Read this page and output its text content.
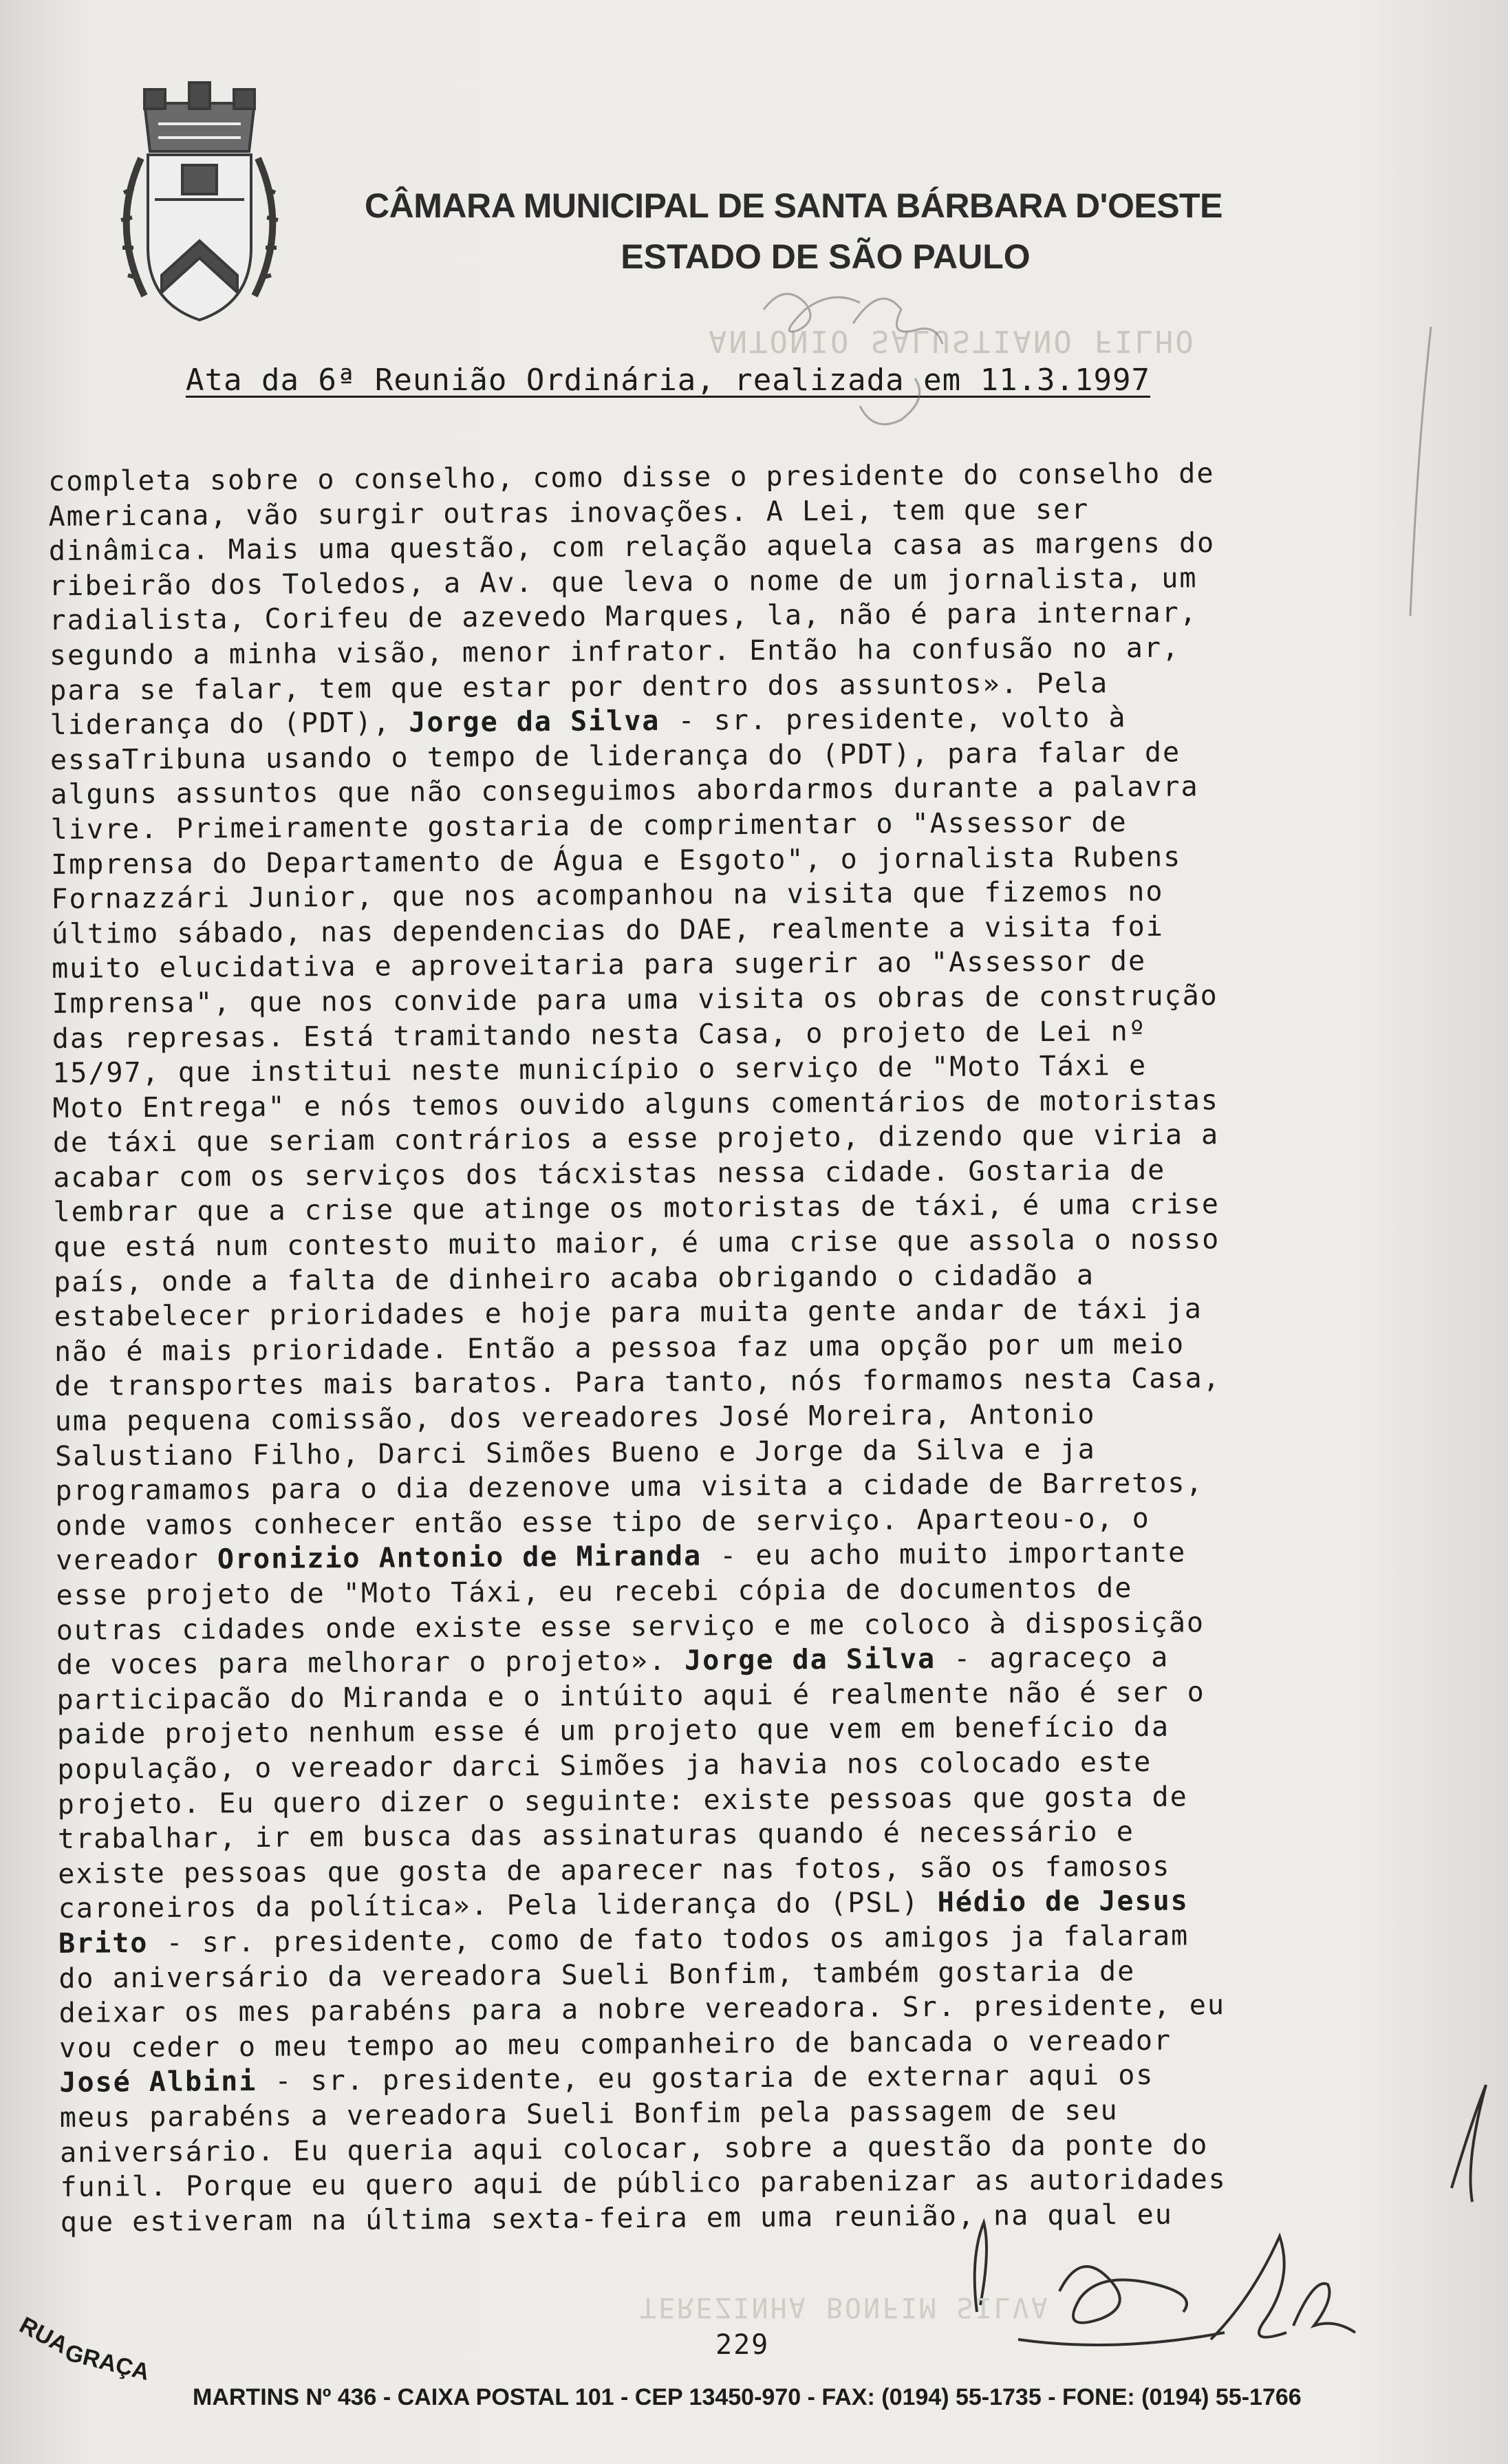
CÂMARA MUNICIPAL DE SANTA BÁRBARA D'OESTE
ESTADO DE SÃO PAULO
ANTONIO SALUSTIANO FILHO
Ata da 6ª Reunião Ordinária, realizada em 11.3.1997
completa sobre o conselho, como disse o presidente do conselho de
Americana, vão surgir outras inovações. A Lei, tem que ser
dinâmica. Mais uma questão, com relação aquela casa as margens do
ribeirão dos Toledos, a Av. que leva o nome de um jornalista, um
radialista, Corifeu de azevedo Marques, la, não é para internar,
segundo a minha visão, menor infrator. Então ha confusão no ar,
para se falar, tem que estar por dentro dos assuntos». Pela
liderança do (PDT), Jorge da Silva - sr. presidente, volto à
essaTribuna usando o tempo de liderança do (PDT), para falar de
alguns assuntos que não conseguimos abordarmos durante a palavra
livre. Primeiramente gostaria de comprimentar o "Assessor de
Imprensa do Departamento de Água e Esgoto", o jornalista Rubens
Fornazzári Junior, que nos acompanhou na visita que fizemos no
último sábado, nas dependencias do DAE, realmente a visita foi
muito elucidativa e aproveitaria para sugerir ao "Assessor de
Imprensa", que nos convide para uma visita os obras de construção
das represas. Está tramitando nesta Casa, o projeto de Lei nº
15/97, que institui neste município o serviço de "Moto Táxi e
Moto Entrega" e nós temos ouvido alguns comentários de motoristas
de táxi que seriam contrários a esse projeto, dizendo que viria a
acabar com os serviços dos tácxistas nessa cidade. Gostaria de
lembrar que a crise que atinge os motoristas de táxi, é uma crise
que está num contesto muito maior, é uma crise que assola o nosso
país, onde a falta de dinheiro acaba obrigando o cidadão a
estabelecer prioridades e hoje para muita gente andar de táxi ja
não é mais prioridade. Então a pessoa faz uma opção por um meio
de transportes mais baratos. Para tanto, nós formamos nesta Casa,
uma pequena comissão, dos vereadores José Moreira, Antonio
Salustiano Filho, Darci Simões Bueno e Jorge da Silva e ja
programamos para o dia dezenove uma visita a cidade de Barretos,
onde vamos conhecer então esse tipo de serviço. Aparteou-o, o
vereador Oronizio Antonio de Miranda - eu acho muito importante
esse projeto de "Moto Táxi, eu recebi cópia de documentos de
outras cidades onde existe esse serviço e me coloco à disposição
de voces para melhorar o projeto». Jorge da Silva - agraceço a
participacão do Miranda e o intúito aqui é realmente não é ser o
paide projeto nenhum esse é um projeto que vem em benefício da
população, o vereador darci Simões ja havia nos colocado este
projeto. Eu quero dizer o seguinte: existe pessoas que gosta de
trabalhar, ir em busca das assinaturas quando é necessário e
existe pessoas que gosta de aparecer nas fotos, são os famosos
caroneiros da política». Pela liderança do (PSL) Hédio de Jesus
Brito - sr. presidente, como de fato todos os amigos ja falaram
do aniversário da vereadora Sueli Bonfim, também gostaria de
deixar os mes parabéns para a nobre vereadora. Sr. presidente, eu
vou ceder o meu tempo ao meu companheiro de bancada o vereador
José Albini - sr. presidente, eu gostaria de externar aqui os
meus parabéns a vereadora Sueli Bonfim pela passagem de seu
aniversário. Eu queria aqui colocar, sobre a questão da ponte do
funil. Porque eu quero aqui de público parabenizar as autoridades
que estiveram na última sexta-feira em uma reunião, na qual eu
TEREZINHA BONFIM SILVA
229
RUA
GRAÇA
MARTINS Nº 436 - CAIXA POSTAL 101 - CEP 13450-970 - FAX: (0194) 55-1735 - FONE: (0194) 55-1766
